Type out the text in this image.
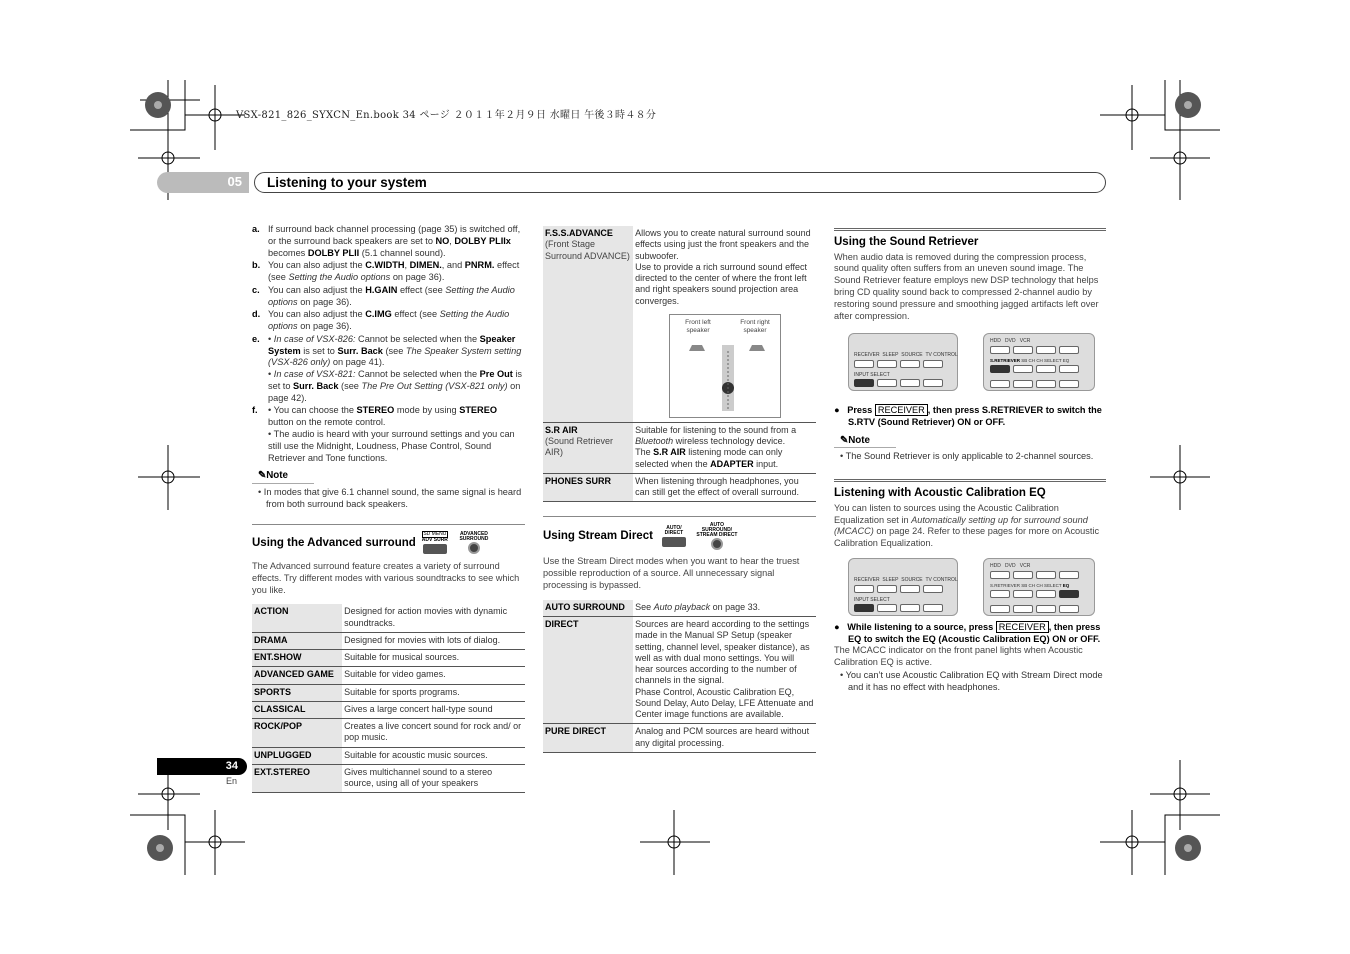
VSX-821_826_SYXCN_En.book 34 ページ ２０１１年２月９日 水曜日 午後３時４８分
05	Listening to your system
a. If surround back channel processing (page 35) is switched off, or the surround back speakers are set to NO, DOLBY PLIIx becomes DOLBY PLII (5.1 channel sound).
b. You can also adjust the C.WIDTH, DIMEN., and PNRM. effect (see Setting the Audio options on page 36).
c. You can also adjust the H.GAIN effect (see Setting the Audio options on page 36).
d. You can also adjust the C.IMG effect (see Setting the Audio options on page 36).
e. • In case of VSX-826: Cannot be selected when the Speaker System is set to Surr. Back (see The Speaker System setting (VSX-826 only) on page 41).
• In case of VSX-821: Cannot be selected when the Pre Out is set to Surr. Back (see The Pre Out Setting (VSX-821 only) on page 42).
f.	• You can choose the STEREO mode by using STEREO button on the remote control.
• The audio is heard with your surround settings and you can still use the Midnight, Loudness, Phase Control, Sound Retriever and Tone functions.
✎ Note
• In modes that give 6.1 channel sound, the same signal is heard from both surround back speakers.
Using the Advanced surround
SD MENU
ADV SURR
ADVANCED SURROUND
The Advanced surround feature creates a variety of surround effects. Try different modes with various soundtracks to see which you like.
ACTION	Designed for action movies with dynamic soundtracks.
DRAMA	Designed for movies with lots of dialog.
ENT.SHOW	Suitable for musical sources.
ADVANCED GAME	Suitable for video games.
SPORTS	Suitable for sports programs.
CLASSICAL	Gives a large concert hall-type sound
ROCK/POP	Creates a live concert sound for rock and/ or pop music.
UNPLUGGED	Suitable for acoustic music sources.
EXT.STEREO	Gives multichannel sound to a stereo source, using all of your speakers
F.S.S.ADVANCE
(Front Stage Surround ADVANCE)	Allows you to create natural surround sound effects using just the front speakers and the subwoofer.
Use to provide a rich surround sound effect directed to the center of where the front left and right speakers sound projection area converges.

S.R AIR
(Sound Retriever AIR)	Suitable for listening to the sound from a Bluetooth wireless technology device.
The S.R AIR listening mode can only selected when the ADAPTER input.
PHONES SURR	When listening through headphones, you can still get the effect of overall surround.
Using Stream Direct
AUTO/ DIRECT
AUTO SURROUND/ STREAM DIRECT
Use the Stream Direct modes when you want to hear the truest possible reproduction of a source. All unnecessary signal processing is bypassed.
AUTO SURROUND	See Auto playback on page 33.
DIRECT	Sources are heard according to the settings made in the Manual SP Setup (speaker setting, channel level, speaker distance), as well as with dual mono settings. You will hear sources according to the number of channels in the signal.
Phase Control, Acoustic Calibration EQ, Sound Delay, Auto Delay, LFE Attenuate and Center image functions are available.
PURE DIRECT	Analog and PCM sources are heard without any digital processing.
Front left speaker
Front right speaker
Using the Sound Retriever
When audio data is removed during the compression process, sound quality often suffers from an uneven sound image. The Sound Retriever feature employs new DSP technology that helps bring CD quality sound back to compressed 2-channel audio by restoring sound pressure and smoothing jagged artifacts left over after compression.
●   Press RECEIVER , then press S.RETRIEVER to switch the S.RTV (Sound Retriever) ON or OFF.
✎ Note
• The Sound Retriever is only applicable to 2-channel sources.
Listening with Acoustic Calibration EQ
You can listen to sources using the Acoustic Calibration Equalization set in Automatically setting up for surround sound (MCACC) on page 24. Refer to these pages for more on Acoustic Calibration Equalization.
●   While listening to a source, press RECEIVER , then press EQ to switch the EQ (Acoustic Calibration EQ) ON or OFF.
The MCACC indicator on the front panel lights when Acoustic Calibration EQ is active.
• You can’t use Acoustic Calibration EQ with Stream Direct mode and it has no effect with headphones.
RECEIVER SLEEP SOURCE TV CONTROL
INPUT SELECT
HDD DVD VCR
S.RETRIEVER SB CH CH SELECT EQ
RECEIVER SLEEP SOURCE TV CONTROL
INPUT SELECT
HDD DVD VCR
S.RETRIEVER SB CH CH SELECT EQ
34
En
